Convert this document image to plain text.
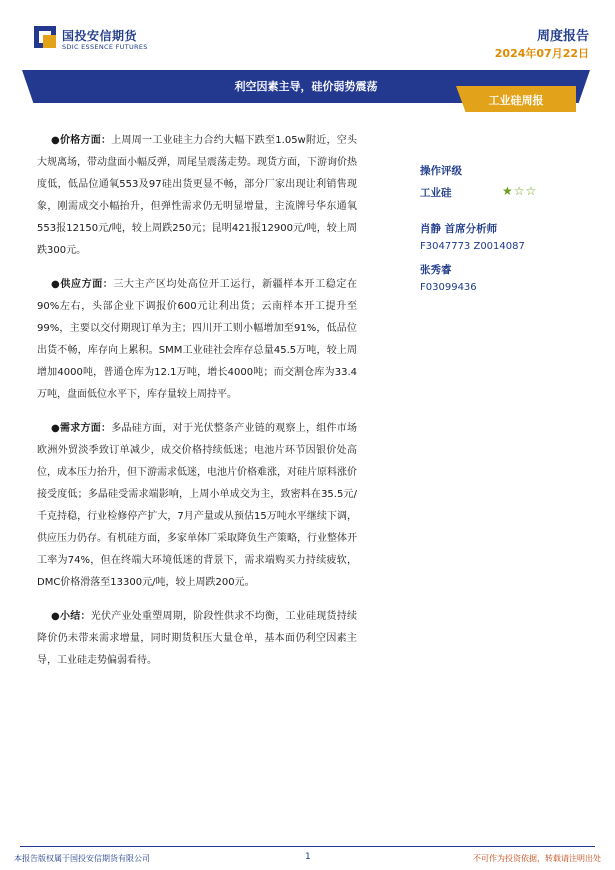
国投安信期货
SDIC ESSENCE FUTURES
周度报告
2024年07月22日
利空因素主导，硅价弱势震荡
工业硅周报

●价格方面：上周周一工业硅主力合约大幅下跌至1.05w附近，空头大规离场，带动盘面小幅反弹，周尾呈震荡走势。现货方面，下游询价热度低，低品位通氧553及97硅出货更显不畅，部分厂家出现让利销售现象，刚需成交小幅抬升，但弹性需求仍无明显增量，主流牌号华东通氧553报12150元/吨，较上周跌250元；昆明421报12900元/吨，较上周跌300元。

●供应方面：三大主产区均处高位开工运行，新疆样本开工稳定在90%左右，头部企业下调报价600元让利出货；云南样本开工提升至99%，主要以交付期现订单为主；四川开工则小幅增加至91%，低品位出货不畅，库存向上累积。SMM工业硅社会库存总量45.5万吨，较上周增加4000吨，普通仓库为12.1万吨，增长4000吨；而交割仓库为33.4万吨，盘面低位水平下，库存量较上周持平。

●需求方面：多晶硅方面，对于光伏整条产业链的观察上，组件市场欧洲外贸淡季致订单减少，成交价格持续低迷；电池片环节因银价处高位，成本压力抬升，但下游需求低迷，电池片价格难涨，对硅片原料涨价接受度低；多晶硅受需求端影响，上周小单成交为主，致密料在35.5元/千克持稳，行业检修停产扩大，7月产量或从预估15万吨水平继续下调，供应压力仍存。有机硅方面，多家单体厂采取降负生产策略，行业整体开工率为74%，但在终端大环境低迷的背景下，需求端购买力持续疲软，DMC价格滑落至13300元/吨，较上周跌200元。

●小结：光伏产业处重塑周期，阶段性供求不均衡，工业硅现货持续降价仍未带来需求增量，同时期货积压大量仓单，基本面仍利空因素主导，工业硅走势偏弱看待。

操作评级
工业硅	★☆☆
肖静 首席分析师
F3047773 Z0014087
张秀睿
F03099436
本报告版权属于国投安信期货有限公司	1	不可作为投资依据，转载请注明出处
